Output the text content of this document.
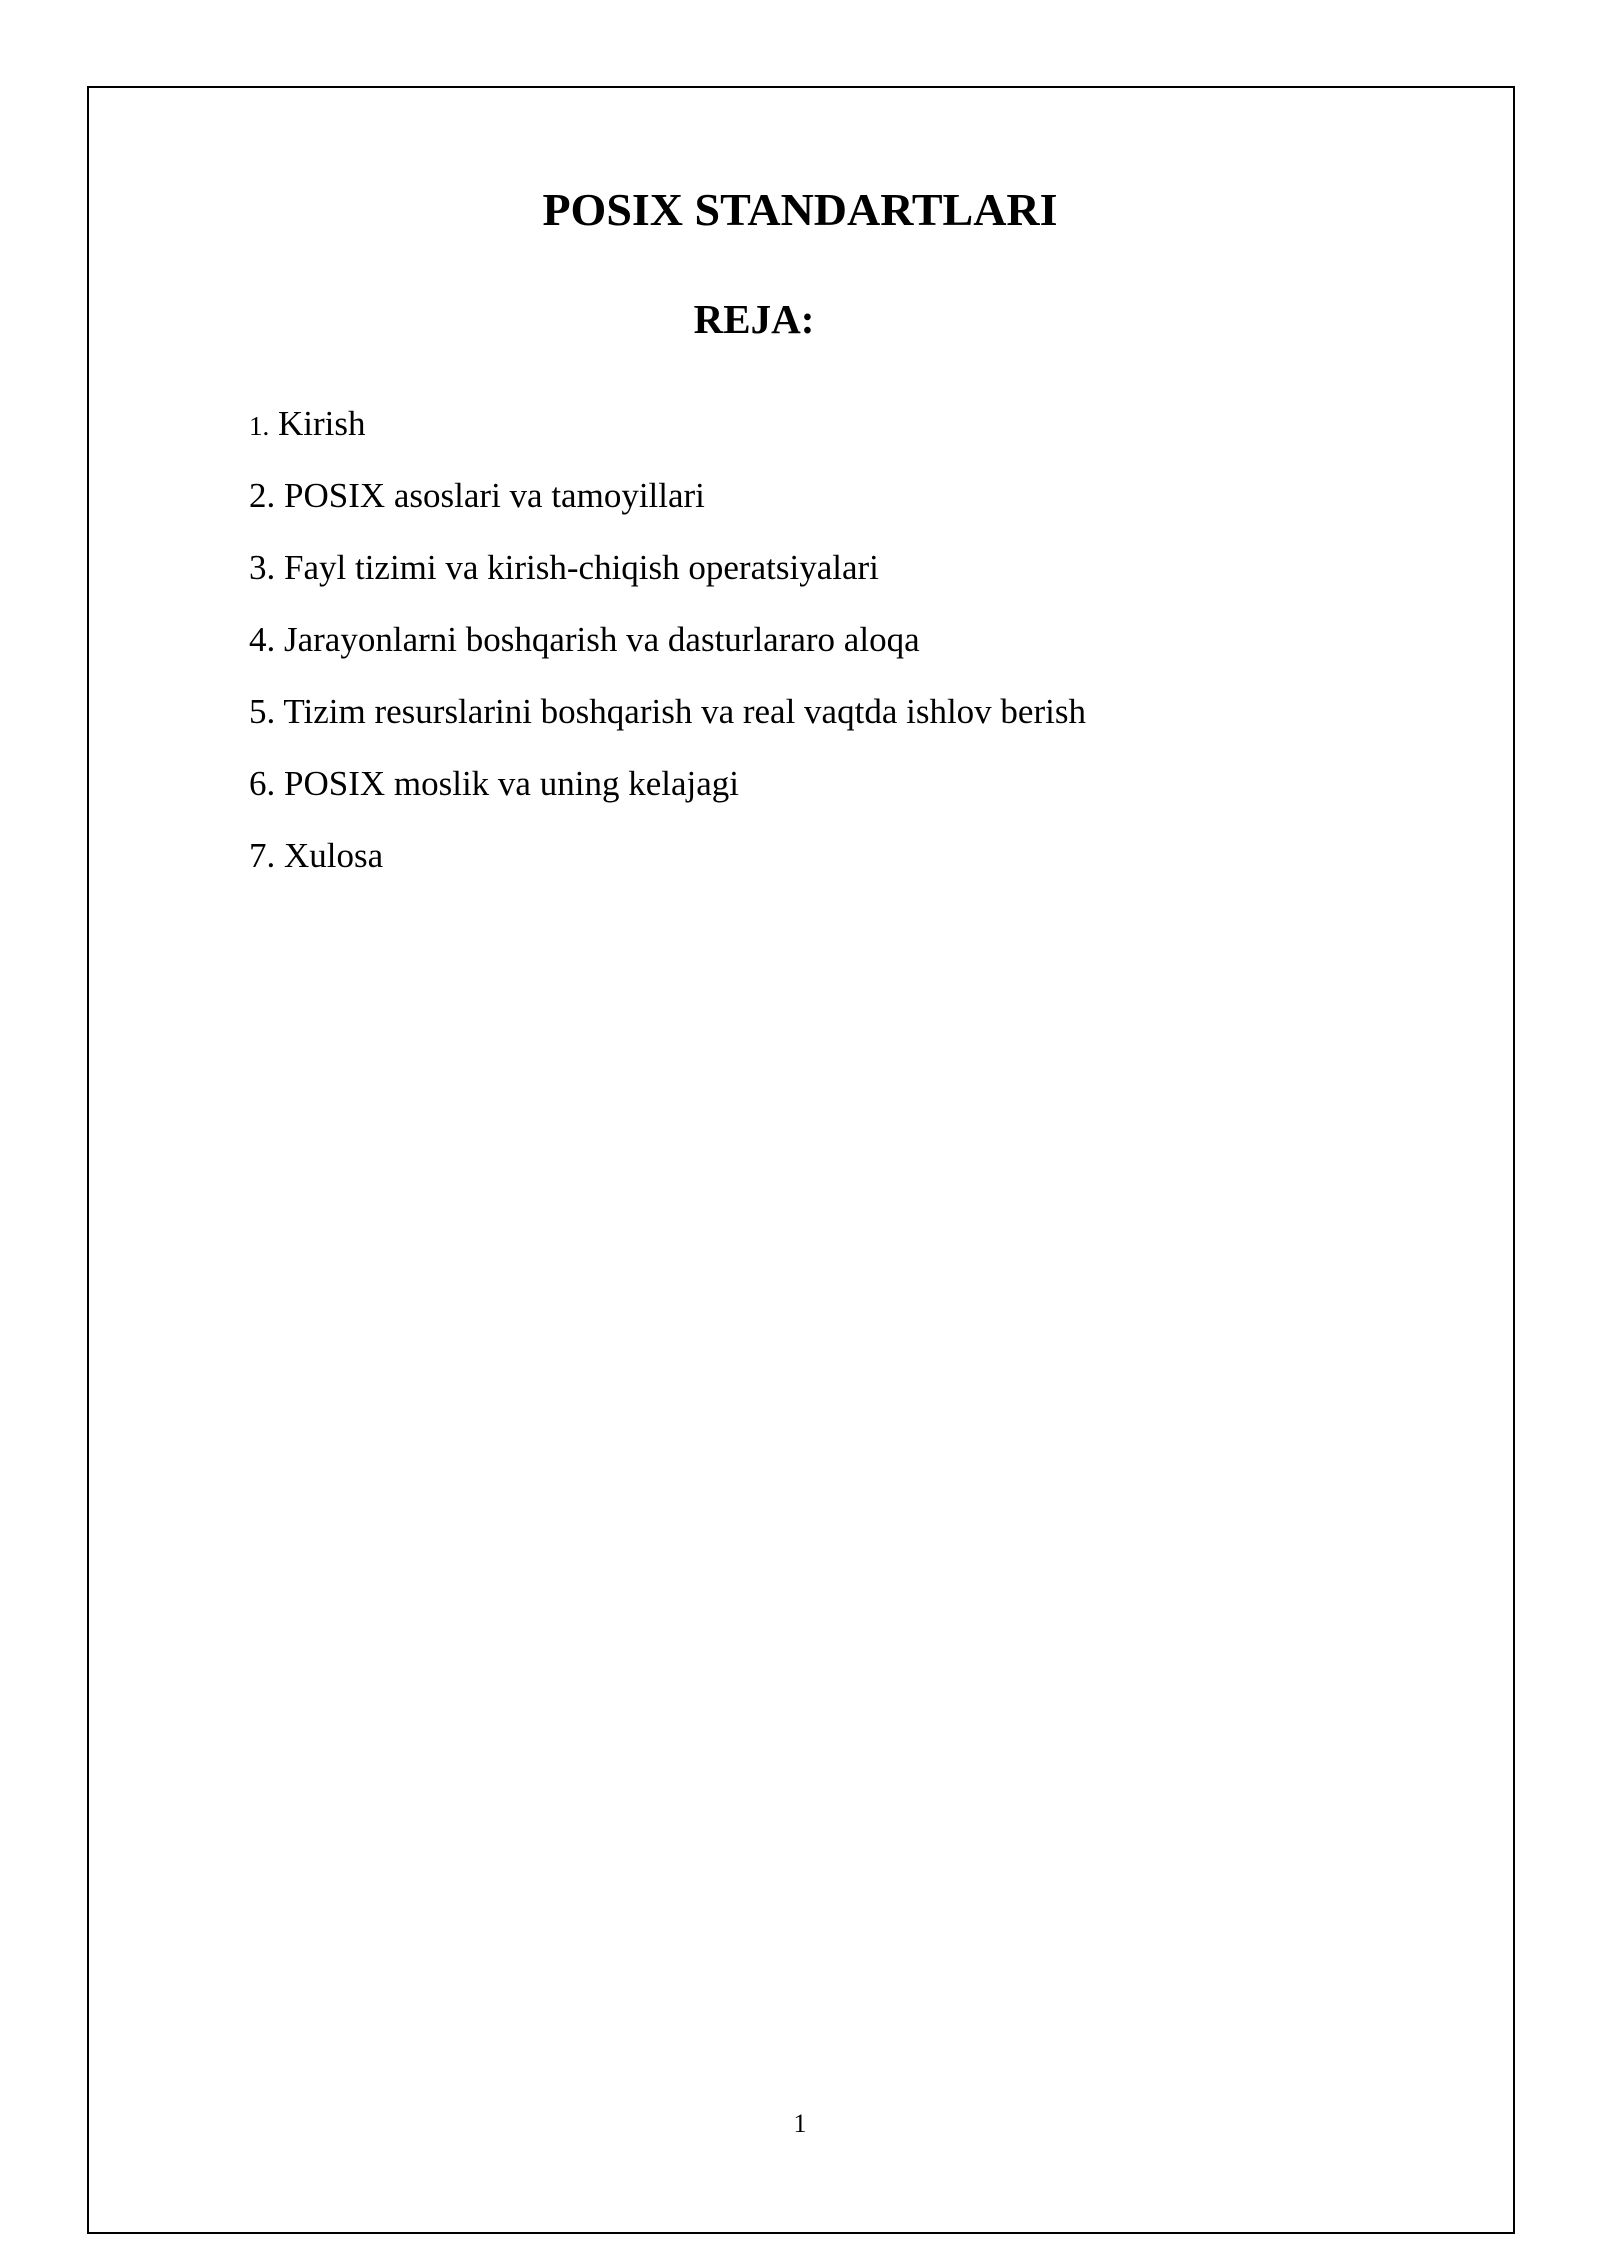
POSIX STANDARTLARI
REJA:
1. Kirish
2. POSIX asoslari va tamoyillari
3. Fayl tizimi va kirish-chiqish operatsiyalari
4. Jarayonlarni boshqarish va dasturlararo aloqa
5. Tizim resurslarini boshqarish va real vaqtda ishlov berish
6. POSIX moslik va uning kelajagi
7. Xulosa
1
